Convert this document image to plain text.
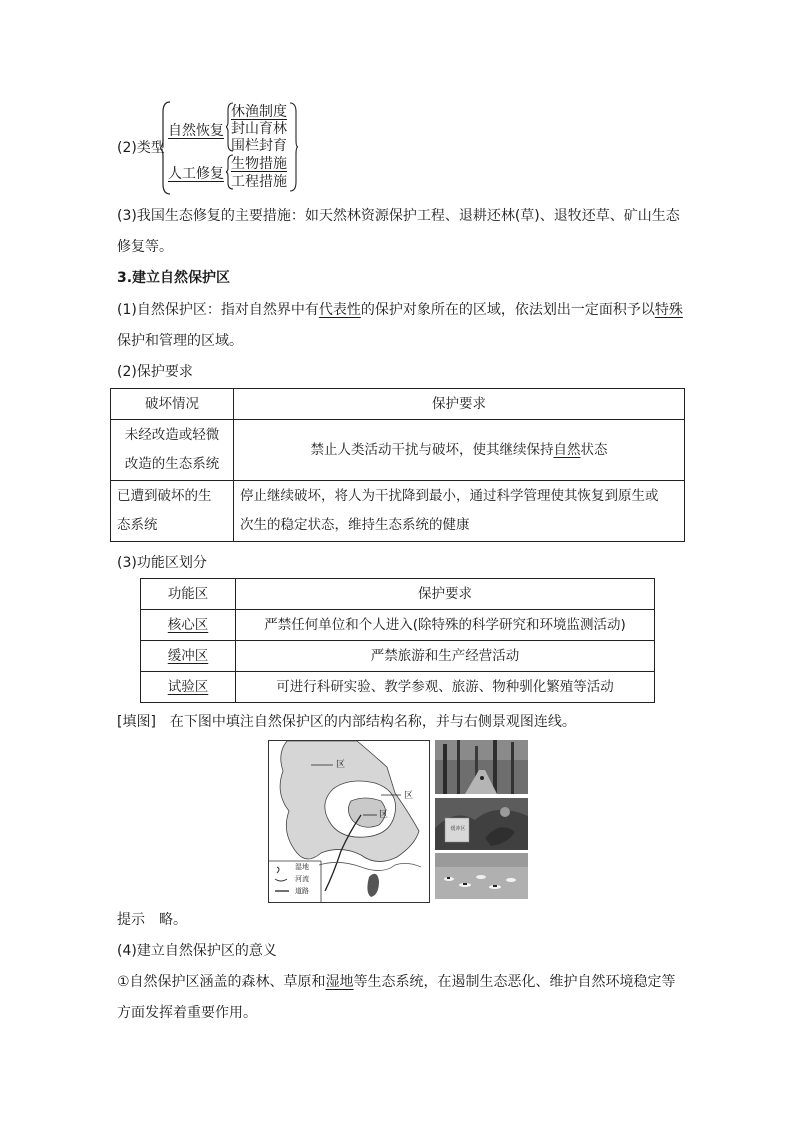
(2)类型
自然恢复
休渔制度
封山育林
围栏封育
人工修复
生物措施
工程措施
(3)我国生态修复的主要措施：如天然林资源保护工程、退耕还林(草)、退牧还草、矿山生态
修复等。
3.建立自然保护区
(1)自然保护区：指对自然界中有代表性的保护对象所在的区域，依法划出一定面积予以特殊
保护和管理的区域。
(2)保护要求
破坏情况	保护要求
未经改造或轻微
改造的生态系统	禁止人类活动干扰与破坏，使其继续保持自然状态
已遭到破坏的生
态系统	停止继续破坏，将人为干扰降到最小，通过科学管理使其恢复到原生或
次生的稳定状态，维持生态系统的健康
(3)功能区划分
功能区	保护要求
核心区	严禁任何单位和个人进入(除特殊的科学研究和环境监测活动)
缓冲区	严禁旅游和生产经营活动
试验区	可进行科研实验、教学参观、旅游、物种驯化繁殖等活动
[填图]　在下图中填注自然保护区的内部结构名称，并与右侧景观图连线。
区
区
区
湿地
河流
道路
缓冲区
提示　略。
(4)建立自然保护区的意义
①自然保护区涵盖的森林、草原和湿地等生态系统，在遏制生态恶化、维护自然环境稳定等
方面发挥着重要作用。
